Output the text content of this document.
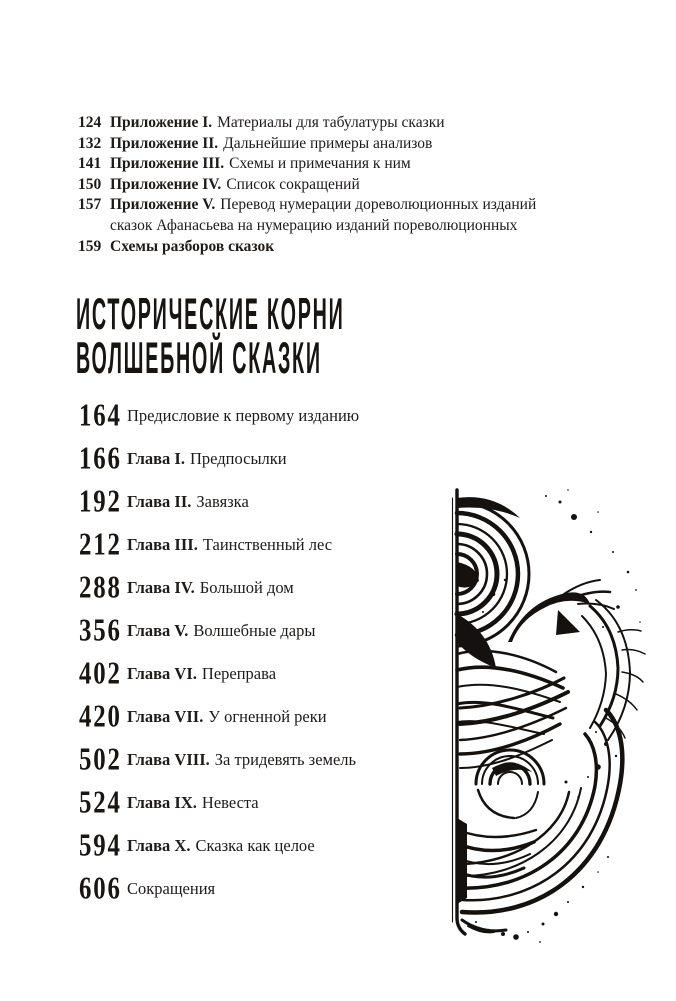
124 Приложение I. Материалы для табулатуры сказки

132 Приложение II. Дальнейшие примеры анализов

141 Приложение III. Схемы и примечания к ним

150 Приложение IV. Список сокращений

157 Приложение V. Перевод нумерации дореволюционных изданий сказок Афанасьева на нумерацию изданий пореволюционных

159 Схемы разборов сказок

ИСТОРИЧЕСКИЕ КОРНИ
ВОЛШЕБНОЙ СКАЗКИ
164 Предисловие к первому изданию
166 Глава I. Предпосылки
192 Глава II. Завязка
212 Глава III. Таинственный лес
288 Глава IV. Большой дом
356 Глава V. Волшебные дары
402 Глава VI. Переправа
420 Глава VII. У огненной реки
502 Глава VIII. За тридевять земель
524 Глава IX. Невеста
594 Глава X. Сказка как целое
606 Сокращения
